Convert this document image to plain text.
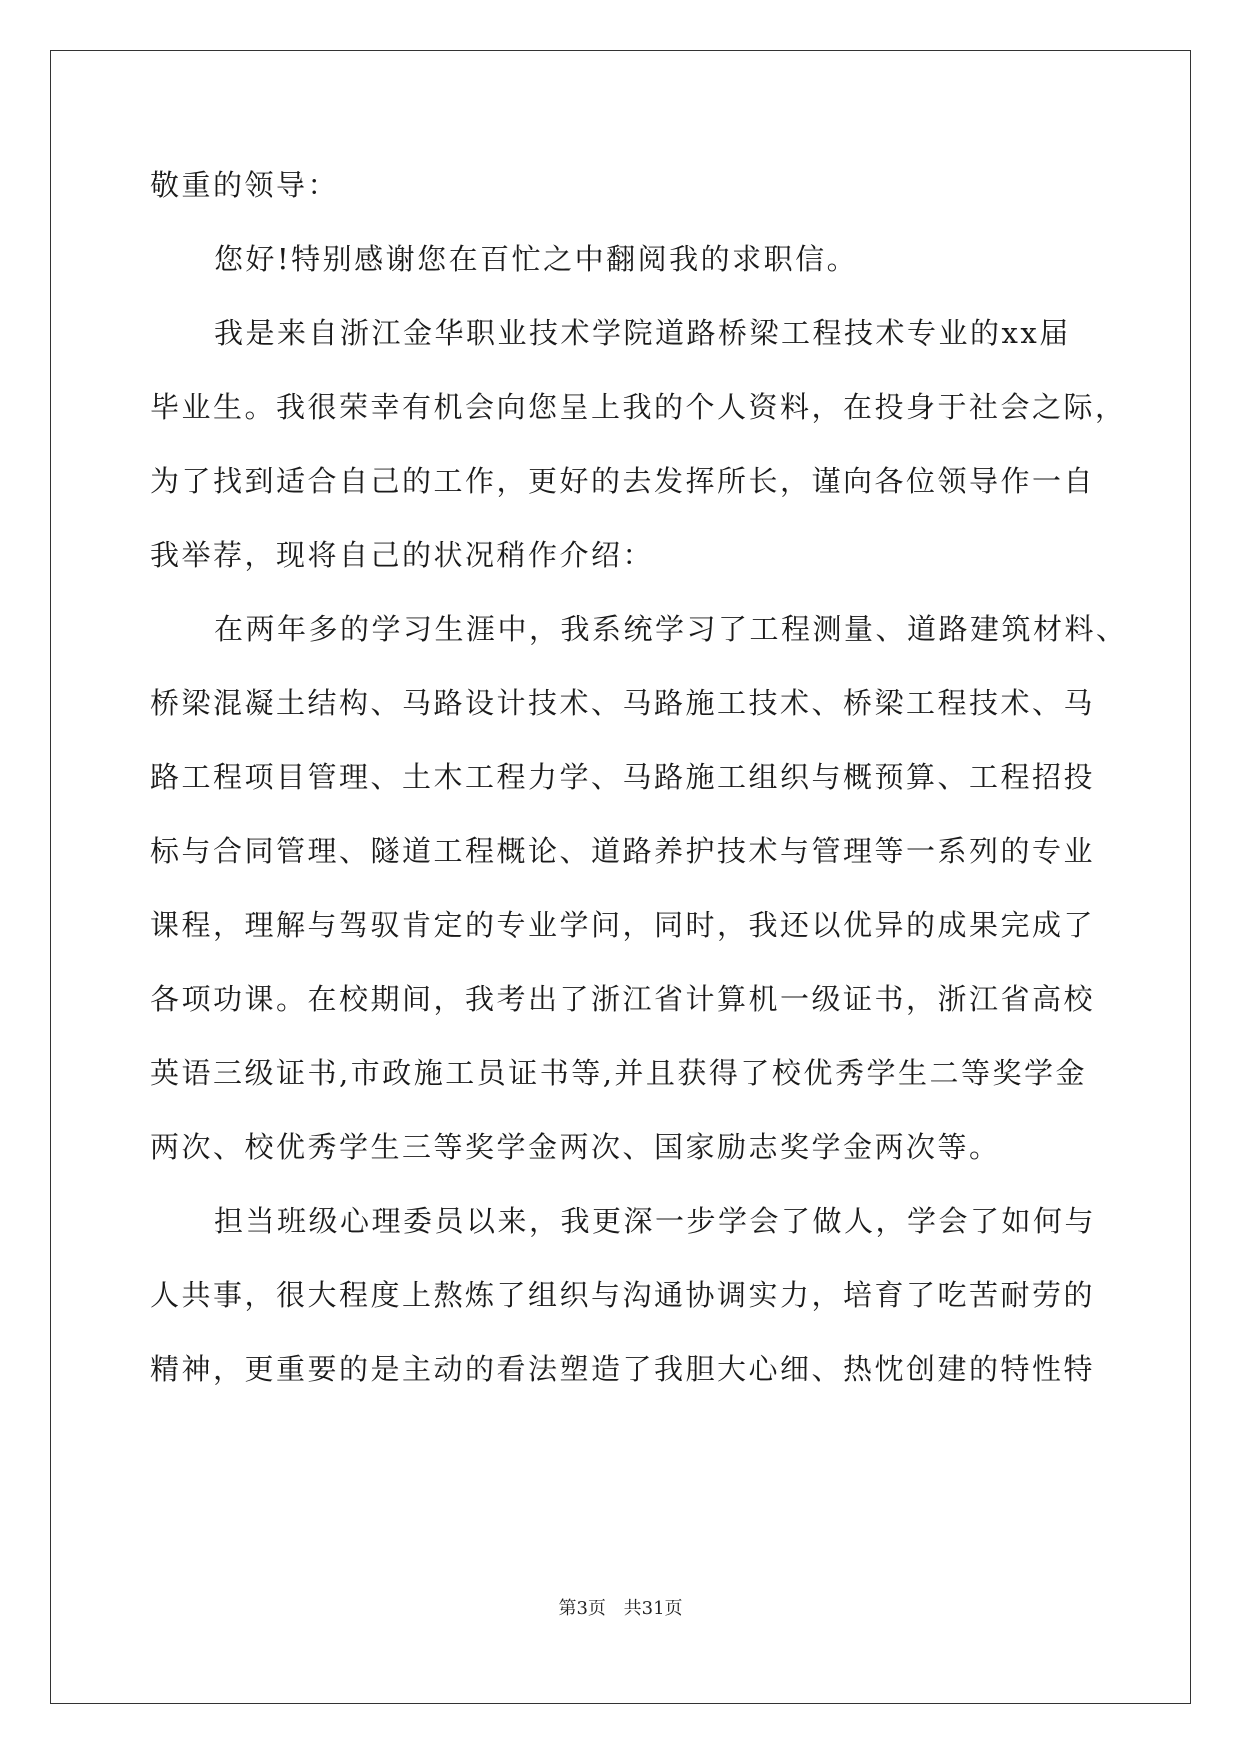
敬重的领导：
您好!特别感谢您在百忙之中翻阅我的求职信。
我是来自浙江金华职业技术学院道路桥梁工程技术专业的xx届
毕业生。我很荣幸有机会向您呈上我的个人资料，在投身于社会之际，
为了找到适合自己的工作，更好的去发挥所长，谨向各位领导作一自
我举荐，现将自己的状况稍作介绍：
在两年多的学习生涯中，我系统学习了工程测量、道路建筑材料、
桥梁混凝土结构、马路设计技术、马路施工技术、桥梁工程技术、马
路工程项目管理、土木工程力学、马路施工组织与概预算、工程招投
标与合同管理、隧道工程概论、道路养护技术与管理等一系列的专业
课程，理解与驾驭肯定的专业学问，同时，我还以优异的成果完成了
各项功课。在校期间，我考出了浙江省计算机一级证书，浙江省高校
英语三级证书,市政施工员证书等,并且获得了校优秀学生二等奖学金
两次、校优秀学生三等奖学金两次、国家励志奖学金两次等。
担当班级心理委员以来，我更深一步学会了做人，学会了如何与
人共事，很大程度上熬炼了组织与沟通协调实力，培育了吃苦耐劳的
精神，更重要的是主动的看法塑造了我胆大心细、热忱创建的特性特
第3页 共31页
